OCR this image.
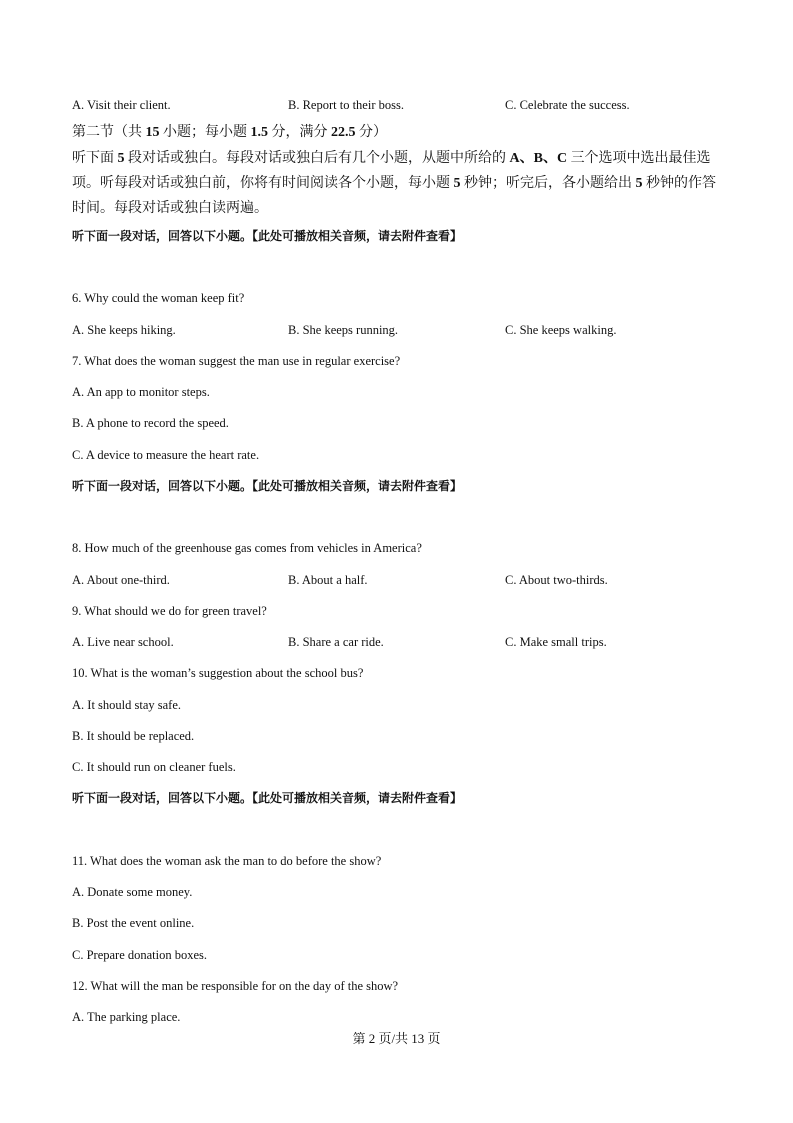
A. Visit their client.	B. Report to their boss.	C. Celebrate the success.
第二节（共 15 小题；每小题 1.5 分，满分 22.5 分）
听下面 5 段对话或独白。每段对话或独白后有几个小题，从题中所给的 A、B、C 三个选项中选出最佳选项。听每段对话或独白前，你将有时间阅读各个小题，每小题 5 秒钟；听完后，各小题给出 5 秒钟的作答时间。每段对话或独白读两遍。
听下面一段对话，回答以下小题。【此处可播放相关音频，请去附件查看】
6. Why could the woman keep fit?
A. She keeps hiking.	B. She keeps running.	C. She keeps walking.
7. What does the woman suggest the man use in regular exercise?
A. An app to monitor steps.
B. A phone to record the speed.
C. A device to measure the heart rate.
听下面一段对话，回答以下小题。【此处可播放相关音频，请去附件查看】
8. How much of the greenhouse gas comes from vehicles in America?
A. About one-third.	B. About a half.	C. About two-thirds.
9. What should we do for green travel?
A. Live near school.	B. Share a car ride.	C. Make small trips.
10. What is the woman’s suggestion about the school bus?
A. It should stay safe.
B. It should be replaced.
C. It should run on cleaner fuels.
听下面一段对话，回答以下小题。【此处可播放相关音频，请去附件查看】
11. What does the woman ask the man to do before the show?
A. Donate some money.
B. Post the event online.
C. Prepare donation boxes.
12. What will the man be responsible for on the day of the show?
A. The parking place.
第 2 页/共 13 页
